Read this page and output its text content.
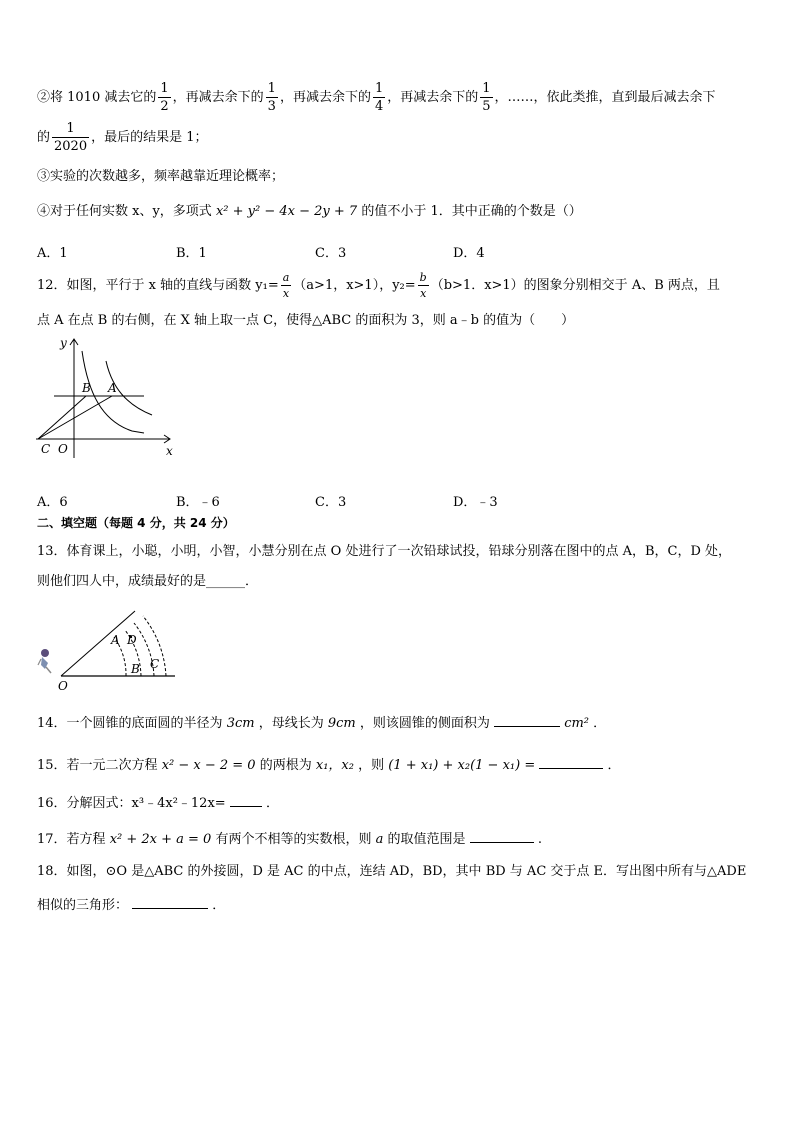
②将 1010 减去它的 $\frac{1}{2}$ ，再减去余下的 $\frac{1}{3}$ ，再减去余下的 $\frac{1}{4}$ ，再减去余下的 $\frac{1}{5}$ ，……，依此类推，直到最后减去余下
的 $\frac{1}{2020}$ ，最后的结果是 1；
③实验的次数越多，频率越靠近理论概率；
④对于任何实数 x、y，多项式 x² + y² − 4x − 2y + 7 的值不小于 1．其中正确的个数是（）
A．1	B．1	C．3	D．4
12．如图，平行于 x 轴的直线与函数 $y_1= \frac{a}{x} (a>1$，x>1），$y_2= \frac{b}{x} (b>1$．x>1）的图象分别相交于 A、B 两点，且
点 A 在点 B 的右侧，在 X 轴上取一点 C，使得△ABC 的面积为 3，则 a﹣b 的值为（　　）
y
B A
C O	x
A．6	B．﹣6	C．3	D．﹣3
二、填空题（每题 4 分，共 24 分）
13．体育课上，小聪，小明，小智，小慧分别在点 O 处进行了一次铅球试投，铅球分别落在图中的点 A，B，C，D 处，
则他们四人中，成绩最好的是______．
A D
B C
O
14．一个圆锥的底面圆的半径为 3cm ，母线长为 9cm ，则该圆锥的侧面积为	cm² ．
15．若一元二次方程 x² − x − 2 = 0 的两根为 x₁，x₂ ，则 (1 + x₁) + x₂(1 − x₁) =	．
16．分解因式：x³﹣4x²﹣12x=	．
17．若方程 x² + 2x + a = 0 有两个不相等的实数根，则 a 的取值范围是	.
18．如图，⊙O 是△ABC 的外接圆，D 是 AC 的中点，连结 AD，BD，其中 BD 与 AC 交于点 E．写出图中所有与△ADE
相似的三角形：	．
